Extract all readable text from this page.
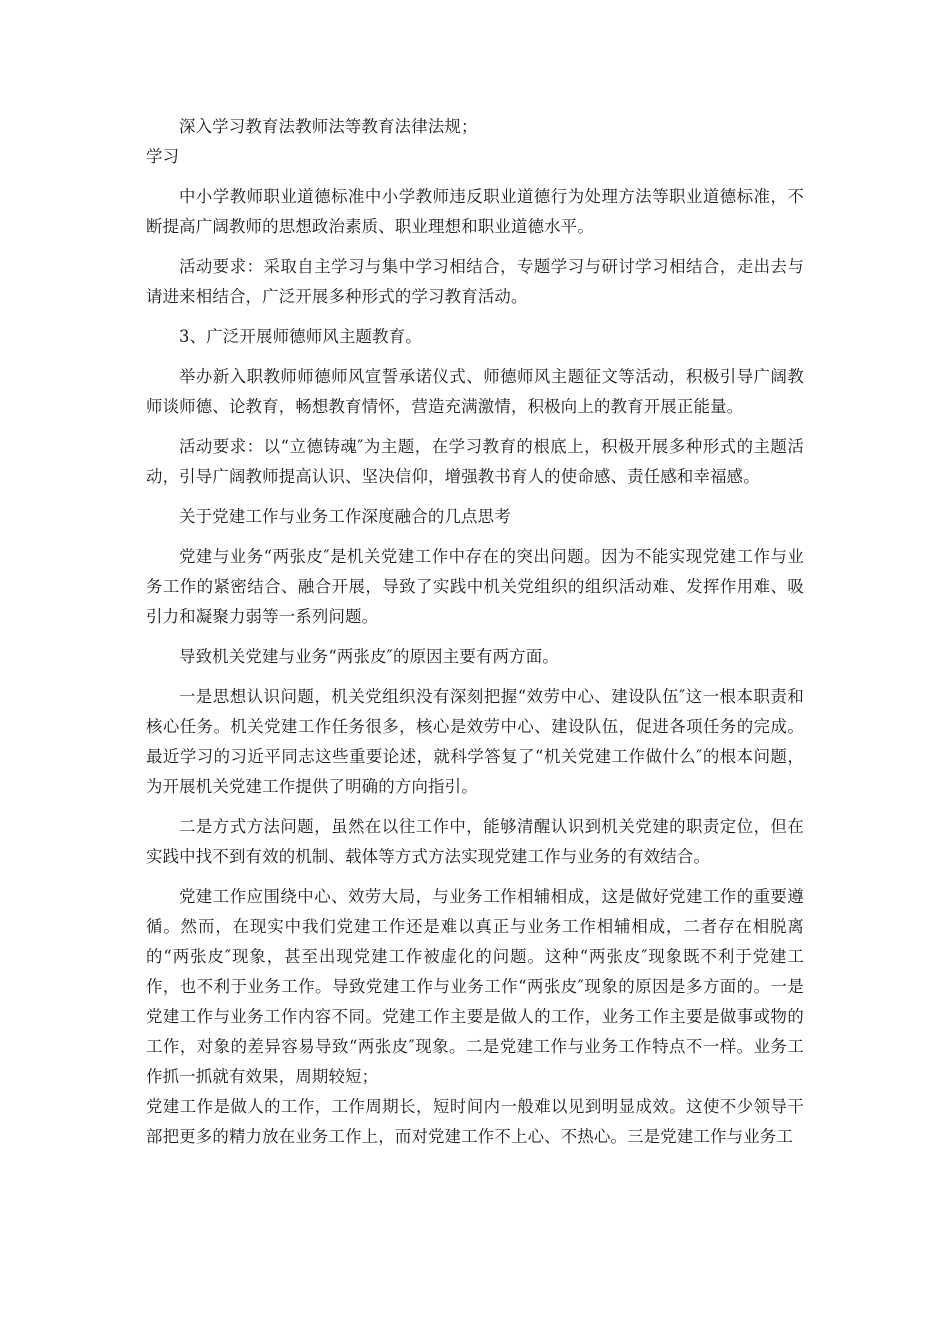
深入学习教育法教师法等教育法律法规；

学习

中小学教师职业道德标准中小学教师违反职业道德行为处理方法等职业道德标准，不断提高广阔教师的思想政治素质、职业理想和职业道德水平。

活动要求：采取自主学习与集中学习相结合，专题学习与研讨学习相结合，走出去与请进来相结合，广泛开展多种形式的学习教育活动。

3、广泛开展师德师风主题教育。

举办新入职教师师德师风宣誓承诺仪式、师德师风主题征文等活动，积极引导广阔教师谈师德、论教育，畅想教育情怀，营造充满激情，积极向上的教育开展正能量。

活动要求：以“立德铸魂″为主题，在学习教育的根底上，积极开展多种形式的主题活动，引导广阔教师提高认识、坚决信仰，增强教书育人的使命感、责任感和幸福感。

关于党建工作与业务工作深度融合的几点思考

党建与业务“两张皮″是机关党建工作中存在的突出问题。因为不能实现党建工作与业务工作的紧密结合、融合开展，导致了实践中机关党组织的组织活动难、发挥作用难、吸引力和凝聚力弱等一系列问题。

导致机关党建与业务“两张皮″的原因主要有两方面。

一是思想认识问题，机关党组织没有深刻把握“效劳中心、建设队伍″这一根本职责和核心任务。机关党建工作任务很多，核心是效劳中心、建设队伍，促进各项任务的完成。最近学习的习近平同志这些重要论述，就科学答复了“机关党建工作做什么″的根本问题，为开展机关党建工作提供了明确的方向指引。

二是方式方法问题，虽然在以往工作中，能够清醒认识到机关党建的职责定位，但在实践中找不到有效的机制、载体等方式方法实现党建工作与业务的有效结合。

党建工作应围绕中心、效劳大局，与业务工作相辅相成，这是做好党建工作的重要遵循。然而，在现实中我们党建工作还是难以真正与业务工作相辅相成，二者存在相脱离的“两张皮″现象，甚至出现党建工作被虚化的问题。这种“两张皮″现象既不利于党建工作，也不利于业务工作。导致党建工作与业务工作“两张皮″现象的原因是多方面的。一是党建工作与业务工作内容不同。党建工作主要是做人的工作，业务工作主要是做事或物的工作，对象的差异容易导致“两张皮″现象。二是党建工作与业务工作特点不一样。业务工作抓一抓就有效果，周期较短；

党建工作是做人的工作，工作周期长，短时间内一般难以见到明显成效。这使不少领导干部把更多的精力放在业务工作上，而对党建工作不上心、不热心。三是党建工作与业务工
